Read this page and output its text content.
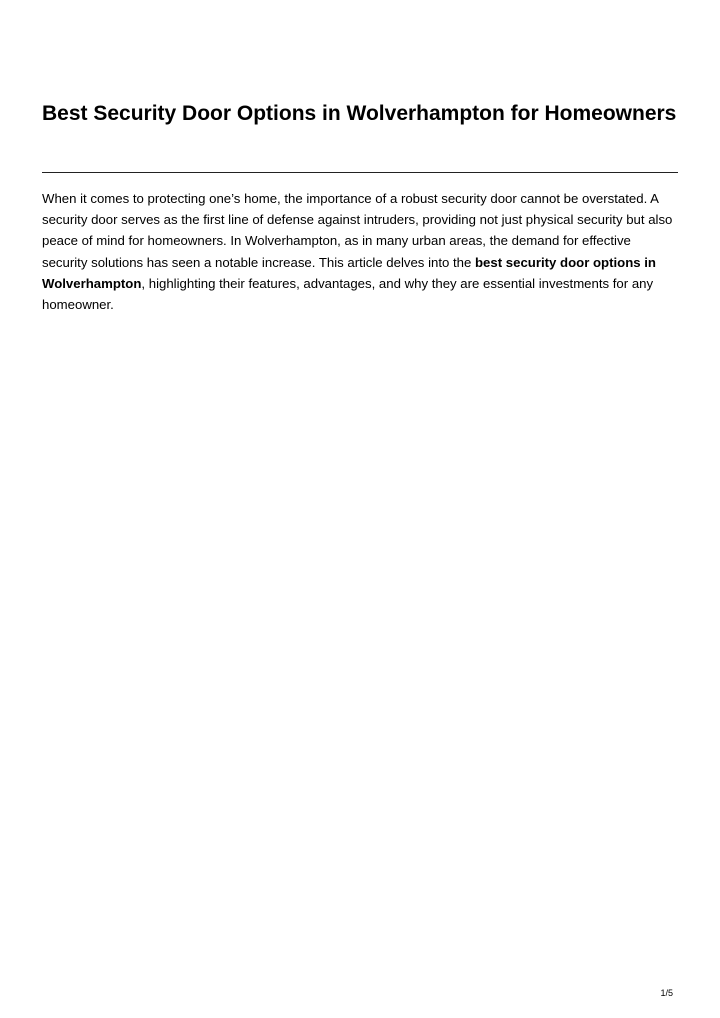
Best Security Door Options in Wolverhampton for Homeowners

When it comes to protecting one’s home, the importance of a robust security door cannot be overstated. A security door serves as the first line of defense against intruders, providing not just physical security but also peace of mind for homeowners. In Wolverhampton, as in many urban areas, the demand for effective security solutions has seen a notable increase. This article delves into the best security door options in Wolverhampton, highlighting their features, advantages, and why they are essential investments for any homeowner.

1/5
